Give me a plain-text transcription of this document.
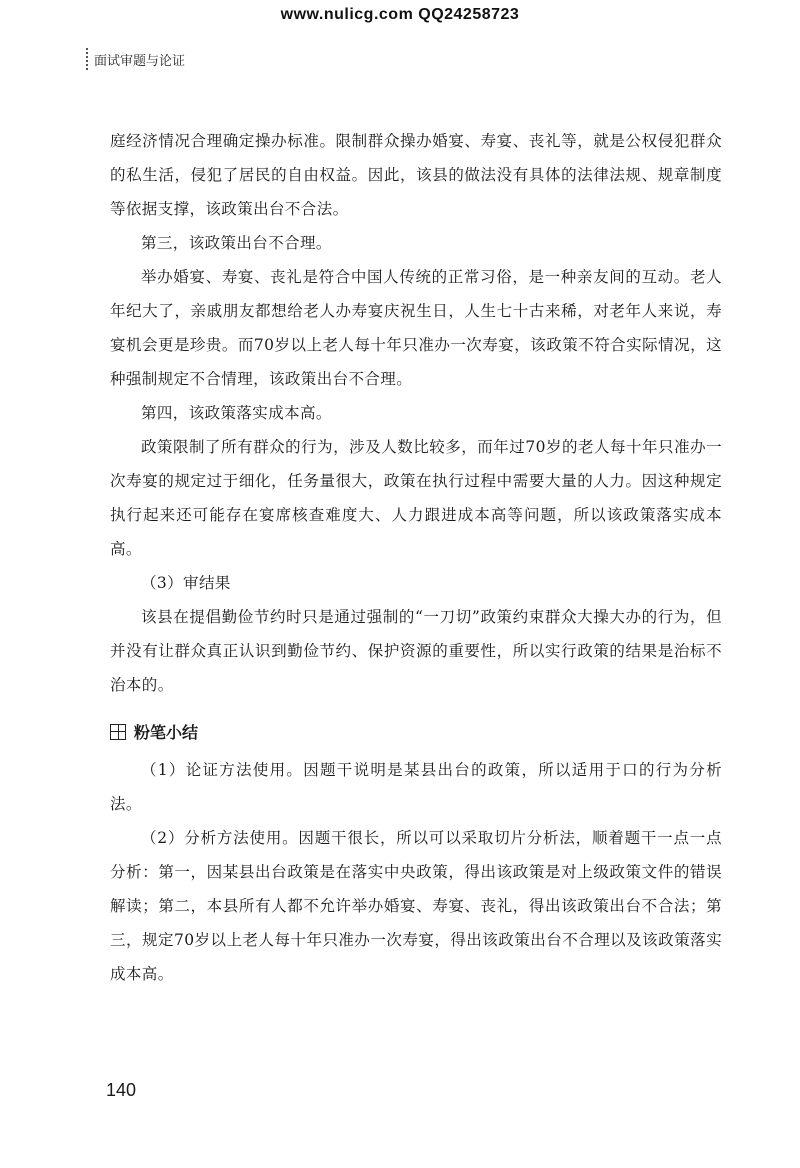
www.nulicg.com QQ24258723
面试审题与论证

庭经济情况合理确定操办标准。限制群众操办婚宴、寿宴、丧礼等，就是公权侵犯群众的私生活，侵犯了居民的自由权益。因此，该县的做法没有具体的法律法规、规章制度等依据支撑，该政策出台不合法。

第三，该政策出台不合理。

举办婚宴、寿宴、丧礼是符合中国人传统的正常习俗，是一种亲友间的互动。老人年纪大了，亲戚朋友都想给老人办寿宴庆祝生日，人生七十古来稀，对老年人来说，寿宴机会更是珍贵。而70岁以上老人每十年只准办一次寿宴，该政策不符合实际情况，这种强制规定不合情理，该政策出台不合理。

第四，该政策落实成本高。

政策限制了所有群众的行为，涉及人数比较多，而年过70岁的老人每十年只准办一次寿宴的规定过于细化，任务量很大，政策在执行过程中需要大量的人力。因这种规定执行起来还可能存在宴席核查难度大、人力跟进成本高等问题，所以该政策落实成本高。

（3）审结果

该县在提倡勤俭节约时只是通过强制的“一刀切”政策约束群众大操大办的行为，但并没有让群众真正认识到勤俭节约、保护资源的重要性，所以实行政策的结果是治标不治本的。

粉笔小结

（1）论证方法使用。因题干说明是某县出台的政策，所以适用于口的行为分析法。

（2）分析方法使用。因题干很长，所以可以采取切片分析法，顺着题干一点一点分析：第一，因某县出台政策是在落实中央政策，得出该政策是对上级政策文件的错误解读；第二，本县所有人都不允许举办婚宴、寿宴、丧礼，得出该政策出台不合法；第三，规定70岁以上老人每十年只准办一次寿宴，得出该政策出台不合理以及该政策落实成本高。

140
